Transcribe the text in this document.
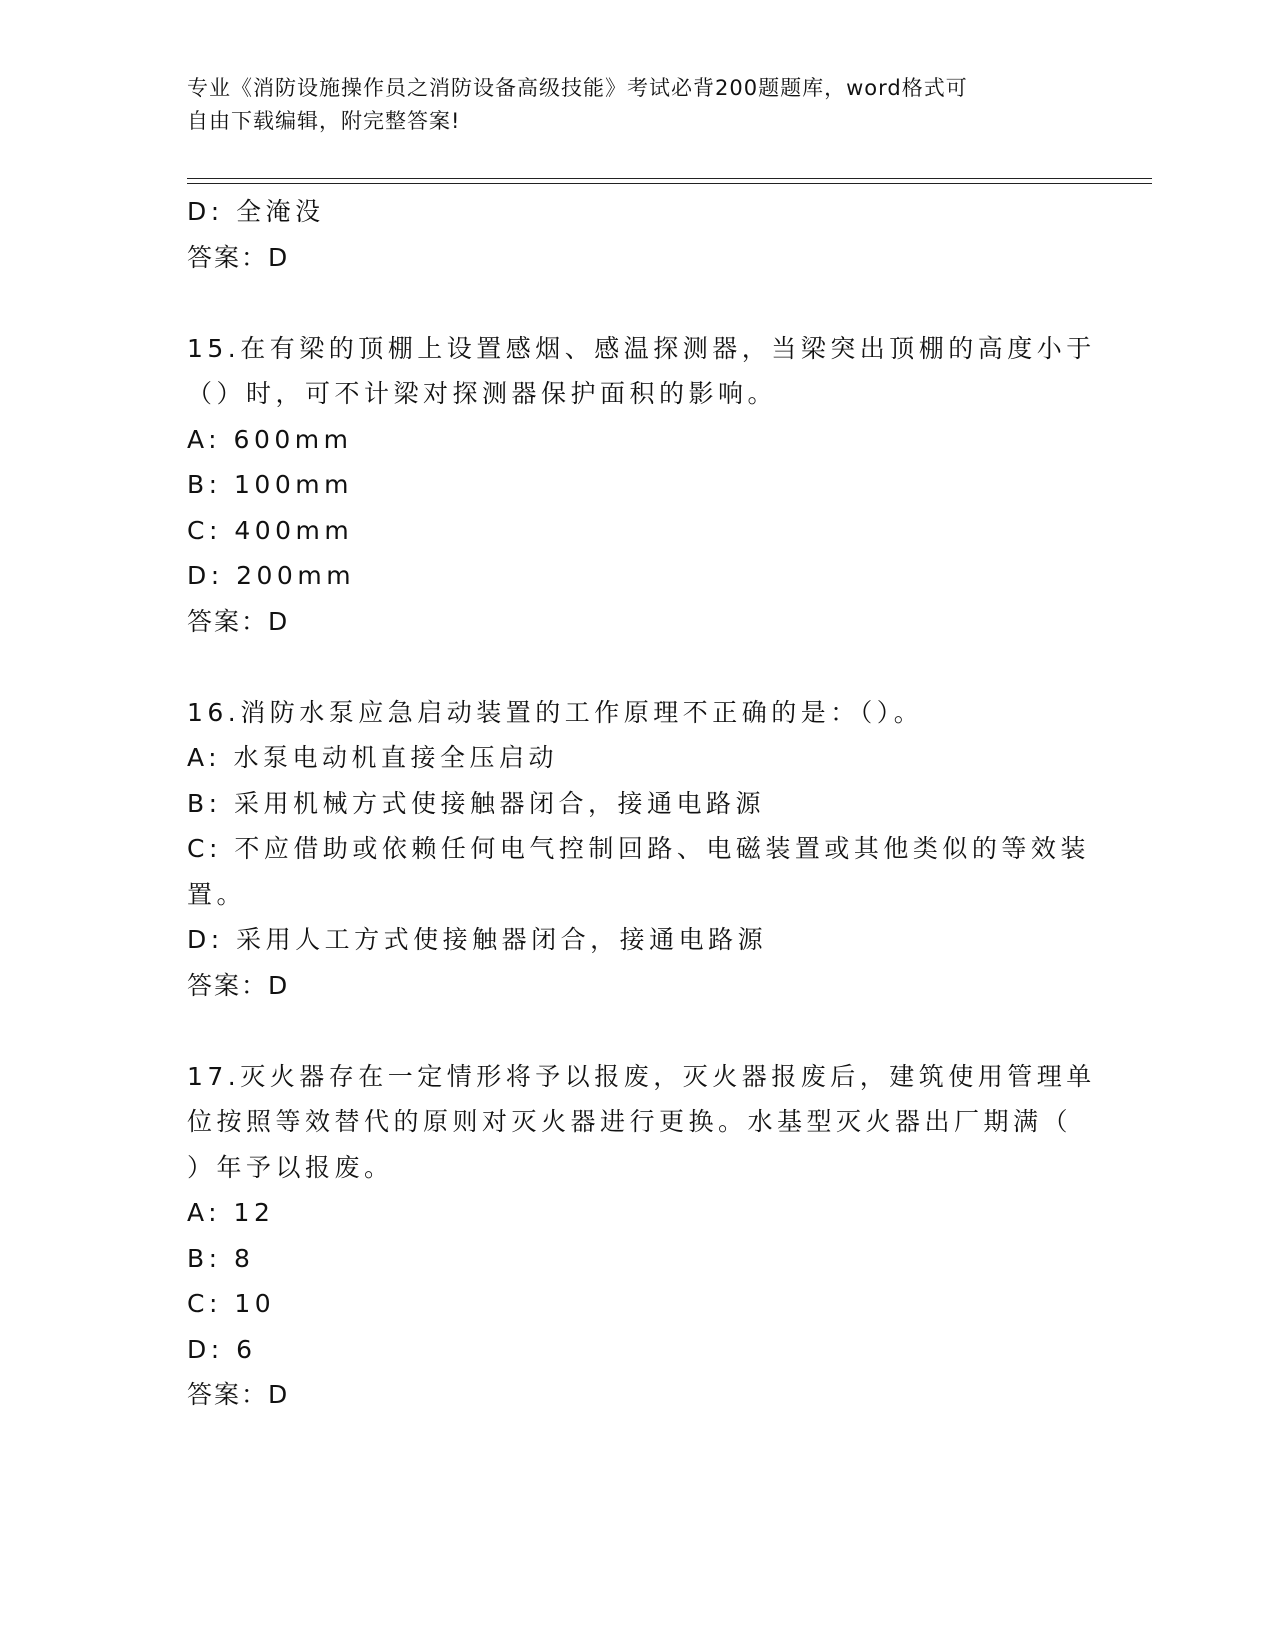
专业《消防设施操作员之消防设备高级技能》考试必背200题题库，word格式可
自由下载编辑，附完整答案!
D: 全淹没
答案：D
15.在有梁的顶棚上设置感烟、感温探测器，当梁突出顶棚的高度小于
（）时，可不计梁对探测器保护面积的影响。
A: 600mm
B: 100mm
C: 400mm
D: 200mm
答案：D
16.消防水泵应急启动装置的工作原理不正确的是：（）。
A: 水泵电动机直接全压启动
B: 采用机械方式使接触器闭合，接通电路源
C: 不应借助或依赖任何电气控制回路、电磁装置或其他类似的等效装
置。
D: 采用人工方式使接触器闭合，接通电路源
答案：D
17.灭火器存在一定情形将予以报废，灭火器报废后，建筑使用管理单
位按照等效替代的原则对灭火器进行更换。水基型灭火器出厂期满（
）年予以报废。
A: 12
B: 8
C: 10
D: 6
答案：D
